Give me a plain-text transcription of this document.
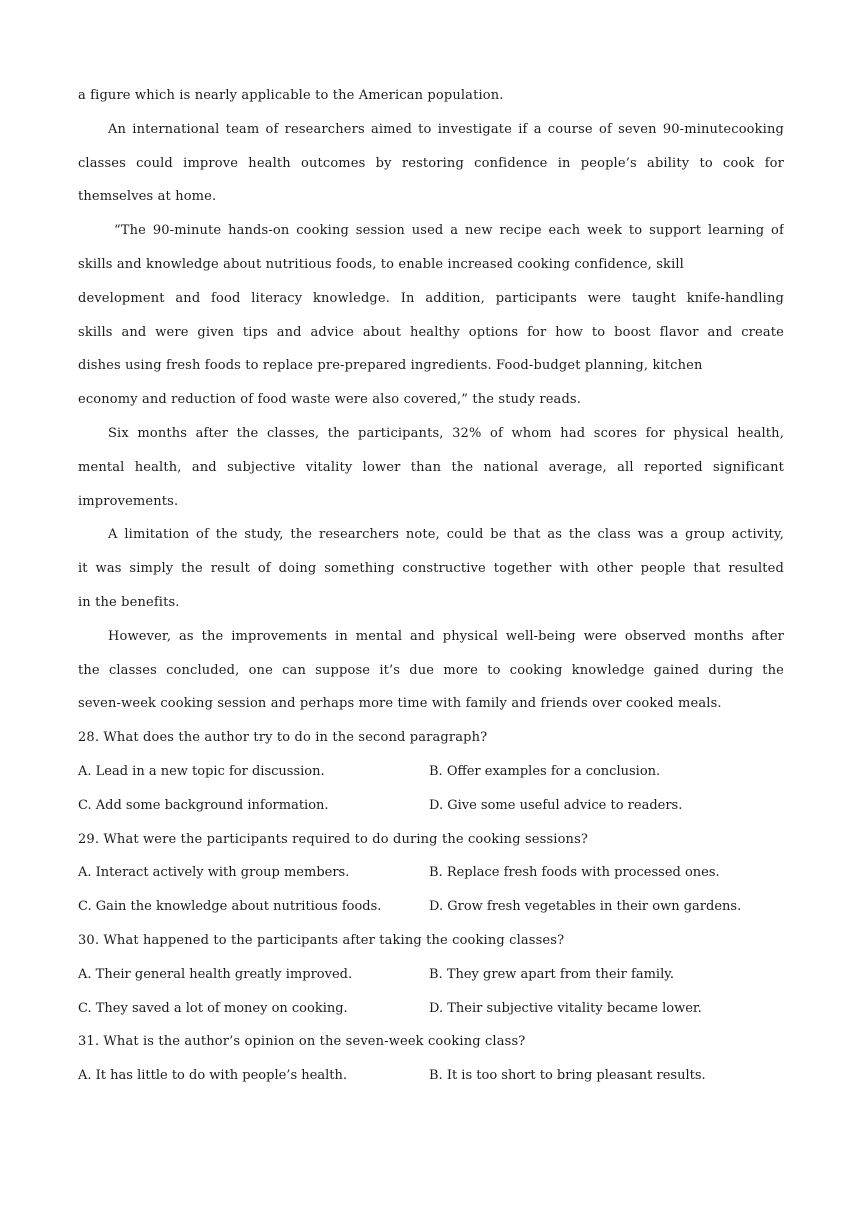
a figure which is nearly applicable to the American population.
An international team of researchers aimed to investigate if a course of seven 90-minutecooking
classes could improve health outcomes by restoring confidence in people’s ability to cook for
themselves at home.
“The 90-minute hands-on cooking session used a new recipe each week to support learning of
skills and knowledge about nutritious foods, to enable increased cooking confidence, skill
development and food literacy knowledge. In addition, participants were taught knife-handling
skills and were given tips and advice about healthy options for how to boost flavor and create
dishes using fresh foods to replace pre-prepared ingredients. Food-budget planning, kitchen
economy and reduction of food waste were also covered,” the study reads.
Six months after the classes, the participants, 32% of whom had scores for physical health,
mental health, and subjective vitality lower than the national average, all reported significant
improvements.
A limitation of the study, the researchers note, could be that as the class was a group activity,
it was simply the result of doing something constructive together with other people that resulted
in the benefits.
However, as the improvements in mental and physical well-being were observed months after
the classes concluded, one can suppose it’s due more to cooking knowledge gained during the
seven-week cooking session and perhaps more time with family and friends over cooked meals.
28. What does the author try to do in the second paragraph?
A. Lead in a new topic for discussion.	B. Offer examples for a conclusion.
C. Add some background information.	D. Give some useful advice to readers.
29. What were the participants required to do during the cooking sessions?
A. Interact actively with group members.	B. Replace fresh foods with processed ones.
C. Gain the knowledge about nutritious foods.	D. Grow fresh vegetables in their own gardens.
30. What happened to the participants after taking the cooking classes?
A. Their general health greatly improved.	B. They grew apart from their family.
C. They saved a lot of money on cooking.	D. Their subjective vitality became lower.
31. What is the author’s opinion on the seven-week cooking class?
A. It has little to do with people’s health.	B. It is too short to bring pleasant results.
